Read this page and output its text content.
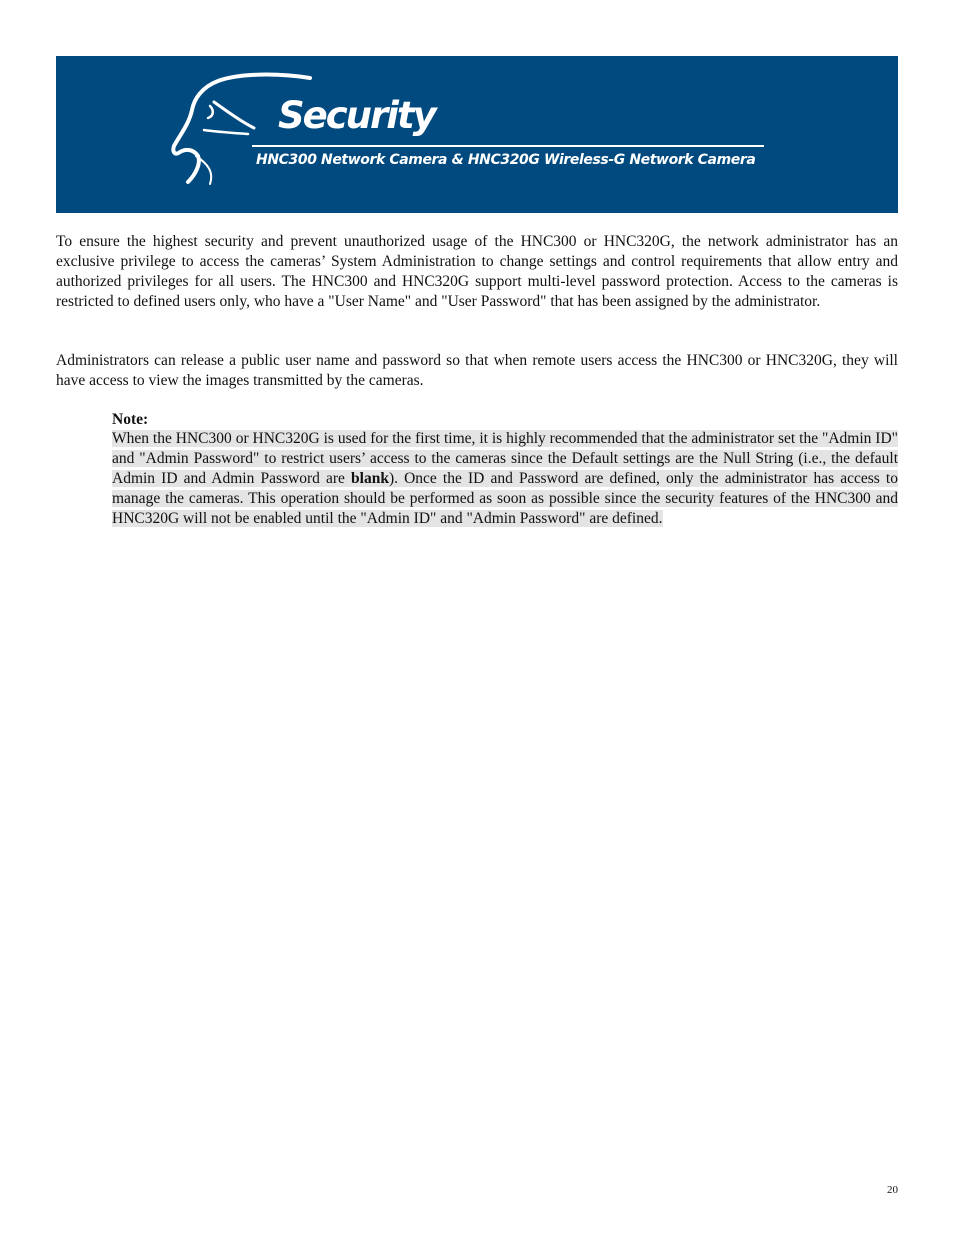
Security
HNC300 Network Camera & HNC320G Wireless-G Network Camera

To ensure the highest security and prevent unauthorized usage of the HNC300 or HNC320G, the network administrator has an exclusive privilege to access the cameras’ System Administration to change settings and control requirements that allow entry and authorized privileges for all users. The HNC300 and HNC320G support multi-level password protection. Access to the cameras is restricted to defined users only, who have a "User Name" and "User Password" that has been assigned by the administrator.

Administrators can release a public user name and password so that when remote users access the HNC300 or HNC320G, they will have access to view the images transmitted by the cameras.

Note:

When the HNC300 or HNC320G is used for the first time, it is highly recommended that the administrator set the "Admin ID" and "Admin Password" to restrict users’ access to the cameras since the Default settings are the Null String (i.e., the default Admin ID and Admin Password are blank). Once the ID and Password are defined, only the administrator has access to manage the cameras. This operation should be performed as soon as possible since the security features of the HNC300 and HNC320G will not be enabled until the "Admin ID" and "Admin Password" are defined.

20
